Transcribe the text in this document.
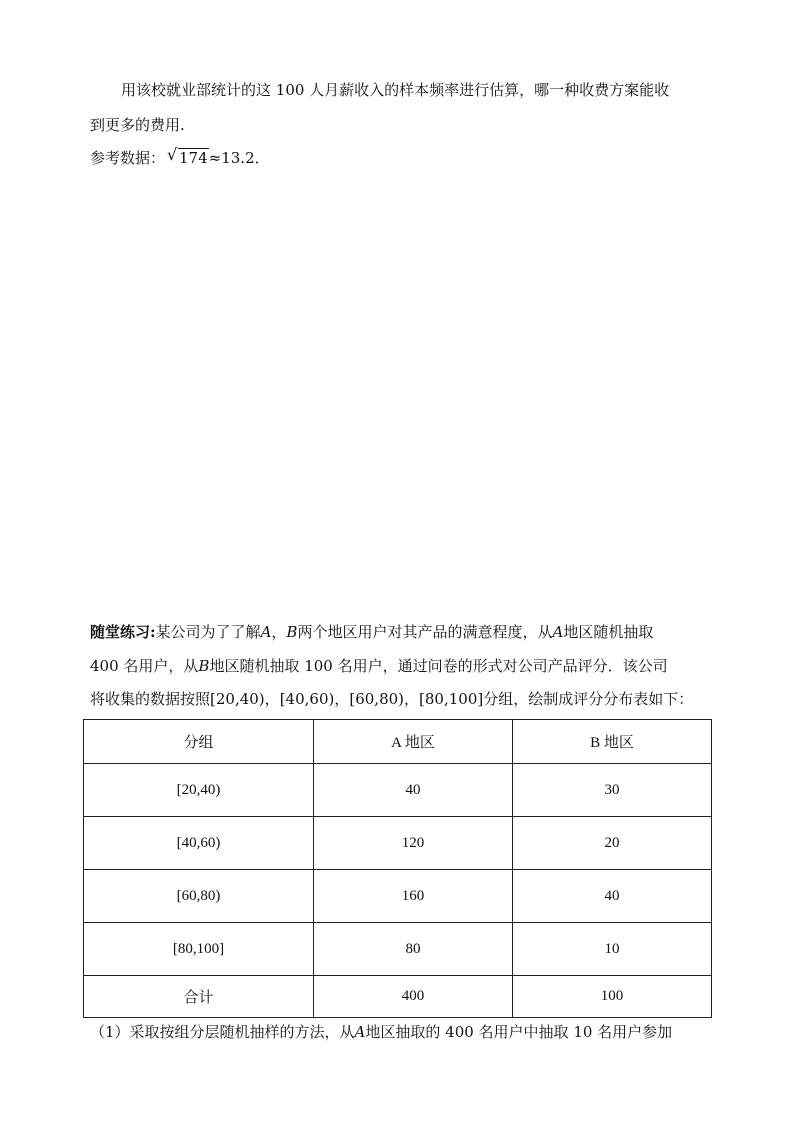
用该校就业部统计的这 100 人月薪收入的样本频率进行估算，哪一种收费方案能收
到更多的费用.
参考数据： √ 174≈13.2．
随堂练习:某公司为了了解A，B两个地区用户对其产品的满意程度，从A地区随机抽取
400 名用户，从B地区随机抽取 100 名用户，通过问卷的形式对公司产品评分．该公司
将收集的数据按照[20,40)，[40,60)，[60,80)，[80,100]分组，绘制成评分分布表如下：
分组	A 地区	B 地区
[20,40)	40	30
[40,60)	120	20
[60,80)	160	40
[80,100]	80	10
合计	400	100
（1）采取按组分层随机抽样的方法，从A地区抽取的 400 名用户中抽取 10 名用户参加
